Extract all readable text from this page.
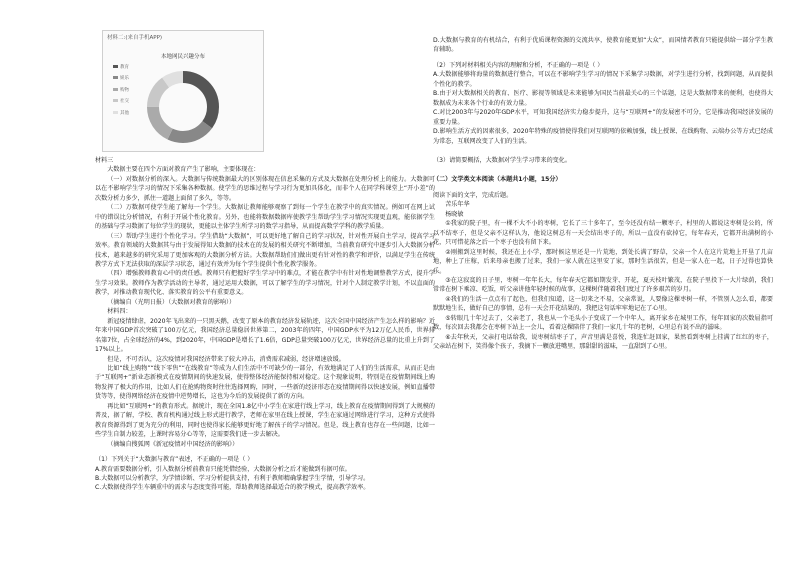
材料二:(来自手机APP)
本地网民兴趣分布
教育
娱乐
购物
社交
其他

材料三

大数据主要在四个方面对教育产生了影响，主要体现在：

（一）对数据分析的深入。大数据与传统数据最大的区别体现在信息采集的方式及大数据在处理分析上的能力。大数据可以在不影响学生学习的情况下采集各种数据。使学生的思维过程与学习行为更加具体化，而非个人在同学科课堂上“开小差”的次数分析力多少，抓住一道题上面留了多久，等等。

（二）万数据可使学生能了解每一个学生。大数据让教师能够观察了到每一个学生在教学中的真实情况。例如可在网上试中的错误比分析情况，有利于开展个性化教育。另外，也能将数据数据库使教学生帮助学生学习情况实现更直观，能依据学生的基础与学习数据了每位学生的现状，更能以主体学生所学习的数学习指导，从而提高数学学科的教学质量。

（三）帮助学生进行个性化学习。学生借助“大数据”，可以更好地了解自己的学习状况，针对性开展自主学习，提高学习效率。教育领域的大数据其与由于发展得知大数据的技术在的发展的相关研究不断增加，当前教育研究中逐步引入大数据分析技术，越来越多的研究采用了更加客观的大数据分析方法。大数据帮助们们做出更有针对性的教学和评价，以满足学生在传统教学方式下无法获取的深层学习状态，通过有效并为每个学生提供个性化教学服务。

（四）增强教师教育心中的责任感。教师只有把握好学生学习中的难点，才能在教学中有针对性地调整教学方式，提升学生学习效果。教师作为教学活动的主导者，通过运用大数据，可以了解学生的学习情况，针对个人制定教学计划，不以直面的教学，对推动教育现代化、落实教育的公平有重要意义。

（摘编自（光明日报）（大数据对教育的影响））

材料四：

新冠疫情肆虐，2020年飞出来的一只黑天鹅，改变了原本的教育经济发展轨迹，这次全国中国经济产生怎么样的影响？近年来中国GDP首次突破了100万亿元，我国经济总量稳居世界第二，2003年的四年，中国GDP水平为12万亿人民币，世界排名第7位，占全球经济的4%，到2020年，中国GDP是增长了1.6倍，GDP总量突破100万亿元，世界经济总量的比重上升到了17%以上。

但是，不可否认，这次疫情对我国经济带来了较大冲击，消费需求减弱，经济增速放缓。

比如“线上购物”“线下零售”“在线教育”等成为人们生活中不可缺少的一部分，有效地满足了人们的生活需求，从而正是由于“互联网+”新业态新模式在疫情期间的快速发展，使得整体经济能保持相对稳定。这个现象说明，特别是在疫情期间线上购物发挥了极大的作用，比如人们在抢购物资时往往选择网购，同时，一些新的经济形态在疫情期间得以快速发展，例如直播带货等等，使得网络经济在疫情中逆势增长，这也为今后的发展提供了新的方向。

再比如“互联网+”的教育形式。据统计，现在全国1.8亿中小学生在家进行线上学习，线上教育在疫情期间得到了大规模的普及，据了解，学校、教育机构通过线上形式进行教学，老师在家里在线上授课，学生在家通过网络进行学习，这种方式使得教育资源得到了更为充分的利用，同时也使得家长能够更好地了解孩子的学习情况。但是，线上教育也存在一些问题，比如一些学生自制力较差，上课时容易分心等等，这需要我们进一步去解决。

（摘编自搜狐网《新冠疫情对中国经济的影响》）

（1）下列关于“大数据与教育”表述，不正确的一项是（ ）

A.教育需要数据分析，引入数据分析前教育只能凭借经验，大数据分析之后才能做到有据可依。

B.大数据可以分析教学，为学情诊断、学习分析提供支持，有利于教师精确掌握学生学情，引导学习。

C.大数据使得学生车辆重中的需求与态度变得可能，帮助教师选择最适合的教学模式，提高教学效率。

D.大数据与教育的有机结合，有利于优质课程资源的交流共享，使教育能更加“大众”，而国情者教育只能提供给一部分学生教育辅助。

（2）下列对材料相关内容的理解和分析，不正确的一项是（ ）

A.大数据能够将海量的数据进行整合，可以在不影响学生学习的情况下采集学习数据，对学生进行分析，找到问题，从而提供个性化的教学。

B.由于对大数据相关的教育、医疗、影视等领域是未来能够为国民当前最关心的三个话题，这是大数据带来的便利，也使得大数据成为未来各个行业的有效力量。

C.对比2003年与2020年GDP水平，可知我国经济实力稳步提升，这与“互联网+”的发展密不可分，它是推动我国经济发展的重要力量。

D.影响生活方式的因素很多，2020年特殊的疫情使得我们对互联网的依赖加强，线上授课、在线购物、云端办公等方式已经成为常态，互联网改变了人们的生活。

（3）请简要概括，大数据对学生学习带来的变化。

（二）文学类文本阅读（本题共1小题，15分）

阅读下面的文字，完成后题。

苦乐年华

杨晓敏

①我家的院子里，有一棵不大不小的枣树，它长了三十多年了，至今还没有结一颗枣子，村里的人都说这枣树是公的，所以不结枣子，但是父亲不这样认为，他说这树总有一天会结出枣子的，所以一直没有砍掉它，每年春天，它都开出满树的小花，只可惜花落之后一个枣子也没有留下来。

②刚搬到这里时候，我还在上小学，那时候这里还是一片荒地，到处长满了野草，父亲一个人在这片荒地上开垦了几亩地，种上了庄稼，后来母亲也搬了过来，我们一家人就在这里安了家，那时生活很苦，但是一家人在一起，日子过得也算快乐。

③在这寂寞的日子里，枣树一年年长大，每年春天它都如期发芽、开花，夏天枝叶繁茂，在院子里投下一大片绿荫，我们常常在树下乘凉、吃饭，听父亲讲他年轻时候的故事，这棵树伴随着我们度过了许多艰苦的岁月。

④我们的生活一点点有了起色，但我们知道，这一切来之不易，父亲常说，人要像这棵枣树一样，不管别人怎么看，都要默默地生长，做好自己的事情，总有一天会开花结果的，我把这句话牢牢地记在了心里。

⑤转眼几十年过去了，父亲老了，我也从一个毛头小子变成了一个中年人，离开家乡在城里工作，每年回家的次数屈指可数，每次回去我都会在枣树下站上一会儿，看着这棵陪伴了我们一家几十年的老树，心里总有说不出的滋味。

⑥去年秋天，父亲打电话给我，说枣树结枣子了，声音里满是喜悦，我连忙赶回家，果然看到枣树上挂满了红红的枣子，父亲站在树下，笑得像个孩子，我摘下一颗放进嘴里，那甜甜的滋味，一直甜到了心里。
